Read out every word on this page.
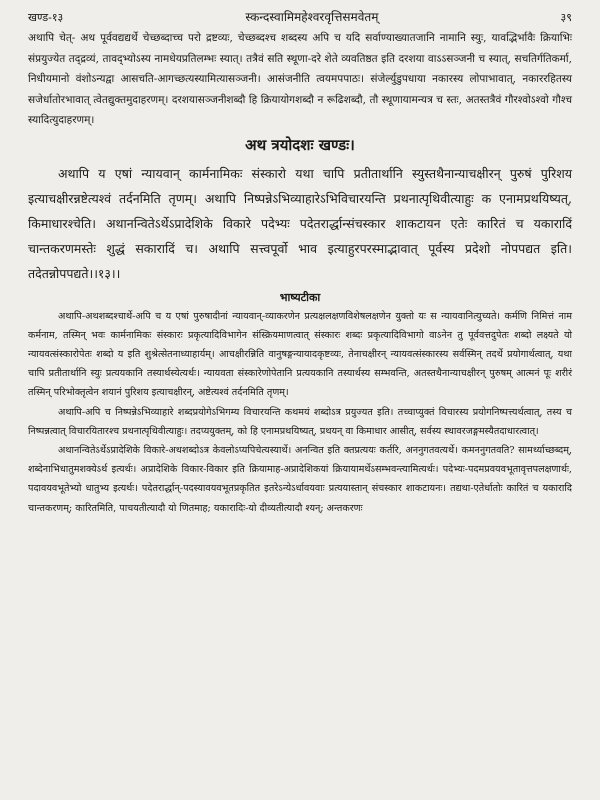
खण्ड-१३	स्कन्दस्वामिमहेश्वरवृत्तिसमवेतम्	३९

अथापि चेत्- अथ पूर्ववद्यद्यर्थे चेच्छब्दाच्च परो द्रष्टव्यः, चेच्छब्दश्च शब्दस्य अपि च यदि सर्वाण्याख्यातजानि नामानि स्युः, यावद्भिर्भावैः क्रियाभिः संप्रयुज्येत तद्द्रव्यं, तावद्भ्योऽस्य नामधेयप्रतिलम्भः स्यात्। तत्रैवं सति स्थूणा-दरे शेते व्यवतिष्ठत इति दरशया वाऽऽसञ्जनी च स्यात्, सचतिर्गतिकर्मा, निधीयमानो वंशोऽन्यद्वा आसचति-आगच्छत्यस्यामित्यासञ्जनी। आसंजनीति त्वयमपपाठः। संजेर्ल्युडुपधाया नकारस्य लोपाभावात्, नकाररहितस्य सजेर्धातोरभावात् त्वेतद्युक्तमुदाहरणम्। दरशयासञ्जनीशब्दौ हि क्रियायोगशब्दौ न रूढिशब्दौ, तौ स्थूणायामन्यत्र च स्तः, अतस्तत्रैवं गौरश्वोऽश्वो गौश्च स्यादित्युदाहरणम्।

अथ त्रयोदशः खण्डः।

अथापि य एषां न्यायवान् कार्मनामिकः संस्कारो यथा चापि प्रतीतार्थानि स्युस्तथैनान्याचक्षीरन् पुरुषं पुरिशय इत्याचक्षीरन्नष्टेत्यश्वं तर्दनमिति तृणम्। अथापि निष्पन्नेऽभिव्याहारेऽभिविचारयन्ति प्रथनात्पृथिवीत्याहुः क एनामप्रथयिष्यत्, किमाधारश्चेति। अथानन्वितेऽर्थेऽप्रादेशिके विकारे पदेभ्यः पदेतरार्द्धान्संचस्कार शाकटायन एतेः कारितं च यकारादिं चान्तकरणमस्तेः शुद्धं सकारादिं च। अथापि सत्त्वपूर्वो भाव इत्याहुरपरस्माद्भावात् पूर्वस्य प्रदेशो नोपपद्यत इति। तदेतन्नोपपद्यते।।१३।।

भाष्यटीका

अथापि-अथशब्दश्चार्थे-अपि च य एषां पुरुषादीनां न्यायवान्-व्याकरणेन प्रत्यक्षलक्षणविशेषलक्षणेन युक्तो यः स न्यायवानित्युच्यते। कर्मणि निमित्तं नाम कर्मनाम, तस्मिन् भवः कार्मनामिकः संस्कारः प्रकृत्यादिविभागेन संस्क्रियमाणत्वात् संस्कारः शब्दः प्रकृत्यादिविभागो वाऽनेन तु पूर्ववत्तदुपेतः शब्दो लक्ष्यते यो न्यायवत्संस्कारोपेतः शब्दो य इति शुश्रेत्सेतनाध्याहार्यम्। आचक्षीरन्निति वानुषङ्गन्यायादकृष्टव्यः, तेनाचक्षीरन् न्यायवत्संस्कारस्य सर्वस्मिन् तदर्थे प्रयोगार्थत्वात्, यथा चापि प्रतीतार्थानि स्युः प्रत्ययकानि तस्यार्थस्येत्यर्थः। न्यायवता संस्कारेणोपेतानि प्रत्ययकानि तस्यार्थस्य सम्भवन्ति, अतस्तथैनान्याचक्षीरन् पुरुषम् आत्मनं पूः शरीरं तस्मिन् परिभोक्तृत्वेन शयानं पुरिशय इत्याचक्षीरन्, अष्टेत्यश्वं तर्दनमिति तृणम्।

अथापि-अपि च निष्पन्नेऽभिव्याहारे शब्दप्रयोगेऽभिगम्य विचारयन्ति कथमयं शब्दोऽत्र प्रयुज्यत इति। तच्चाप्युक्तं विचारस्य प्रयोगनिष्पत्त्यर्थत्वात्, तस्य च निष्पन्नत्वात् विचारयितारश्च प्रथनात्पृथिवीत्याहुः। तदप्ययुक्तम्, को हि एनामप्रथयिष्यत्, प्रथयन् वा किमाधार आसीत्, सर्वस्य स्थावरजङ्गमस्यैतदाधारत्वात्।

अथानन्वितेऽर्थेऽप्रादेशिके विकारे-अथशब्दोऽत्र केवलोऽप्यपिचेत्यस्यार्थे। अनन्वित इति क्तप्रत्ययः कर्तरि, अननुगतवत्यर्थे। कमननुगतवति? सामर्थ्याच्छब्दम्, शब्देनाभिधातुमशक्येऽर्थ इत्यर्थः। अप्रादेशिके विकार-विकार इति क्रियामाह-अप्रादेशिकयां क्रियायामर्थेऽसम्भवन्त्यामित्यर्थः। पदेभ्यः-पदमप्रवयवभूतावृत्तपलक्षणार्थः, पदावयवभूतेभ्यो धातुभ्य इत्यर्थः। पदेतरार्द्धान्-पदस्यावयवभूतप्रकृतित इतरेऽन्येऽर्धावयवाः प्रत्ययास्तान् संचस्कार शाकटायनः। तद्यथा-एतेर्धातोः कारितं च यकारादि चान्तकरणम्; कारितमिति, पाचयतीत्यादौ यो णितमाह; यकारादिः-यो दीव्यतीत्यादौ श्यन्; अन्तकरणः
